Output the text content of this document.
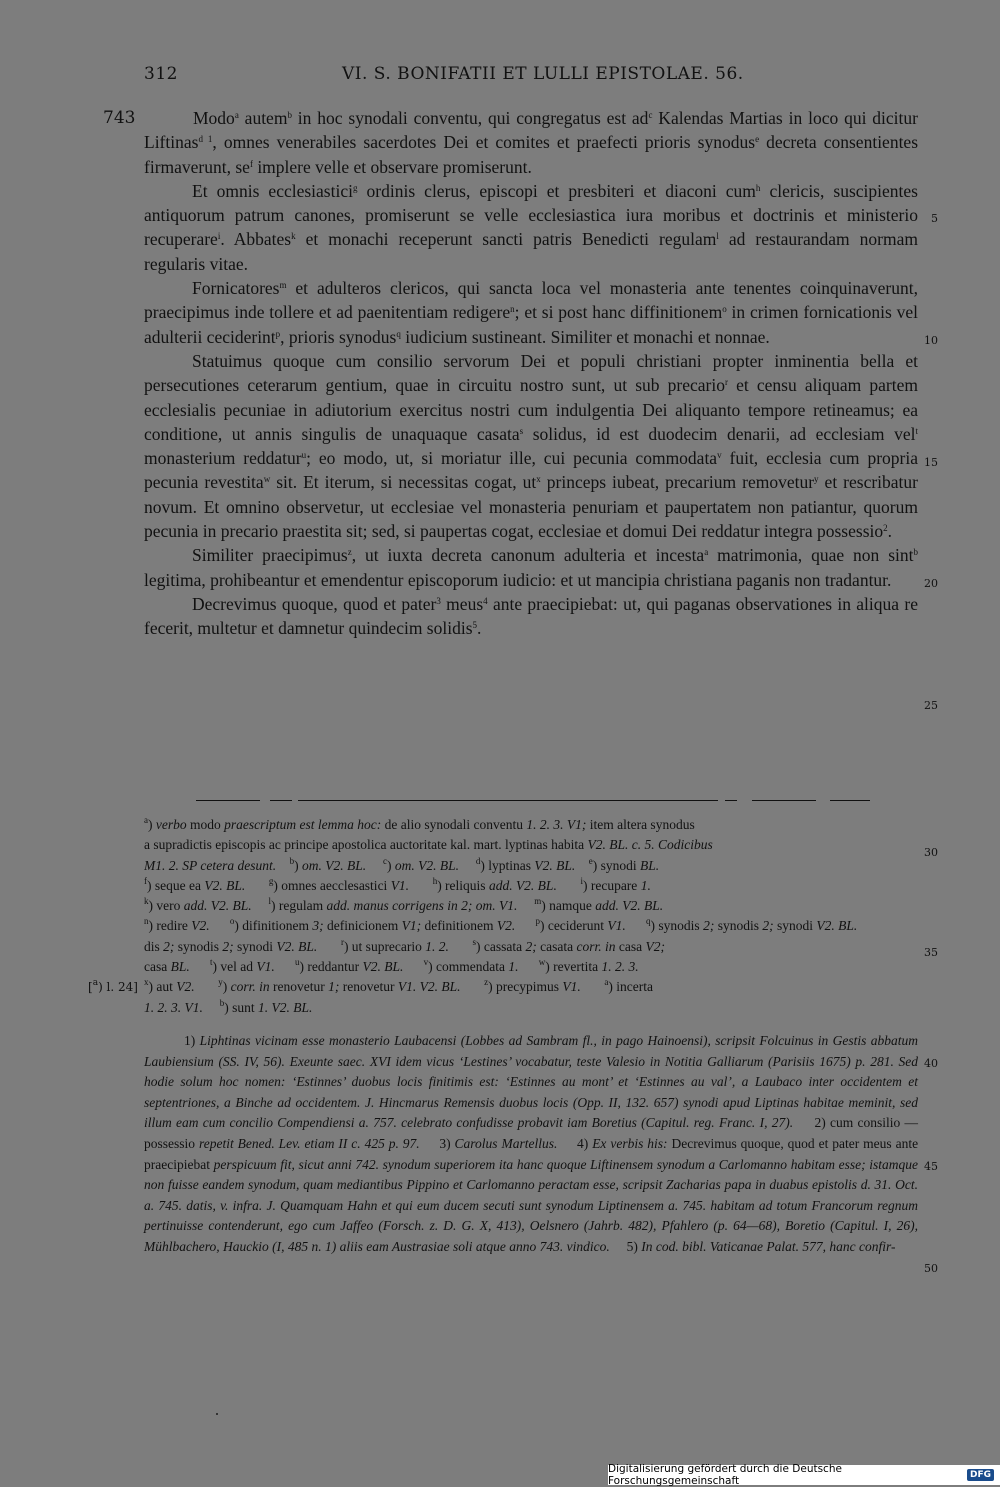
312	VI. S. BONIFATII ET LULLI EPISTOLAE. 56.
743	Modo$^a$ autem$^b$ in hoc synodali conventu, qui congregatus est $ad^c$ Kalendas Martias in loco qui dicitur Liftinas$^{d 1}$, omnes venerabiles sacerdotes Dei et comites et praefecti prioris synodus$^e$ decreta consentientes firmaverunt, $se^f$ implere velle et observare promiserunt.

Et omnis ecclesiastici$^g$ ordinis clerus, episcopi et presbiteri et diaconi cum$^h$ clericis, suscipientes antiquorum patrum canones, promiserunt se velle ecclesiastica iura moribus et doctrinis et ministerio recuperare$^i$. Abbates$^k$ et monachi receperunt sancti patris Benedicti regulam$^l$ ad restaurandam normam regularis vitae.

Fornicatores$^m$ et adulteros clericos, qui sancta loca vel monasteria ante tenentes coinquinaverunt, praecipimus inde tollere et ad paenitentiam redigere$^n$; et si post hanc diffinitionem$^o$ in crimen fornicationis vel adulterii ceciderint$^p$, prioris synodus$^q$ iudicium sustineant. Similiter et monachi et nonnae.

Statuimus quoque cum consilio servorum Dei et populi christiani propter inminentia bella et persecutiones ceterarum gentium, quae in circuitu nostro sunt, ut sub precario$^r$ et censu aliquam partem ecclesialis pecuniae in adiutorium exercitus nostri cum indulgentia Dei aliquanto tempore retineamus; ea conditione, ut annis singulis de unaquaque casata$^s$ solidus, id est duodecim denarii, ad ecclesiam vel$^t$ monasterium reddatur$^u$; eo modo, ut, si moriatur ille, cui pecunia commodata$^v$ fuit, ecclesia cum propria pecunia revestita$^w$ sit. Et iterum, si necessitas cogat, $ut^x$ princeps iubeat, precarium removetur$^y$ et rescribatur novum. Et omnino observetur, ut ecclesiae vel monasteria penuriam et paupertatem non patiantur, quorum pecunia in precario praestita sit; sed, si paupertas cogat, ecclesiae et domui Dei reddatur integra possessio$^2$.

Similiter praecipimus$^z$, ut iuxta decreta canonum adulteria et incesta$^a$ matrimonia, quae non sint$^b$ legitima, prohibeantur et emendentur episcoporum iudicio: et ut mancipia christiana paganis non tradantur.

Decrevimus quoque, quod et pater$^3$ meus$^4$ ante praecipiebat: ut, qui paganas observationes in aliqua re fecerit, multetur et damnetur quindecim solidis$^5$.

5
10
15
20
25
30
35
40
45
50
$^a$) verbo modo praescriptum est lemma hoc: de alio synodali conventu 1. 2. 3. V1; item altera synodus
a supradictis episcopis ac principe apostolica auctoritate kal. mart. lyptinas habita V2. BL. c. 5. Codicibus
M1. 2. SP cetera desunt. $^b$) om. V2. BL. $^c$) om. V2. BL. $^d$) lyptinas V2. BL. $^e$) synodi BL.
$^f$) seque ea V2. BL.	$^g$) omnes aecclesastici V1.	$^h$) reliquis add. V2. BL.	$^i$) recupare 1.
$^k$) vero add. V2. BL. $^l$) regulam add. manus corrigens in 2; om. V1. $^m$) namque add. V2. BL.
$^n$) redire V2. $^o$) difinitionem 3; definicionem V1; definitionem V2. $^p$) ceciderunt V1. $^q$) synodis 2; synodis 2; synodi V2. BL.
dis 2; synodis 2; synodi V2. BL.	$^r$) ut suprecario 1. 2.	$^s$) cassata 2; casata corr. in casa V2;
casa BL. $^t$) vel ad V1. $^u$) reddantur V2. BL. $^v$) commendata 1. $^w$) revertita 1. 2. 3.
$^x$) aut V2.	$^y$) corr. in renovetur 1; renovetur V1. V2. BL.	$^z$) precypimus V1.	$^a$) incerta
1. 2. 3. V1. $^b$) sunt 1. V2. BL.
[$^a$) l. 24]

1) Liphtinas vicinam esse monasterio Laubacensi (Lobbes ad Sambram fl., in pago Hainoensi), scripsit Folcuinus in Gestis abbatum Laubiensium (SS. IV, 56). Exeunte saec. XVI idem vicus ‘Lestines’ vocabatur, teste Valesio in Notitia Galliarum (Parisiis 1675) p. 281. Sed hodie solum hoc nomen: ‘Estinnes’ duobus locis finitimis est: ‘Estinnes au mont’ et ‘Estinnes au val’, a Laubaco inter occidentem et septentriones, a Binche ad occidentem. J. Hincmarus Remensis duobus locis (Opp. II, 132. 657) synodi apud Liptinas habitae meminit, sed illum eam cum concilio Compendiensi a. 757. celebrato confudisse probavit iam Boretius (Capitul. reg. Franc. I, 27).     2) cum consilio — possessio repetit Bened. Lev. etiam II c. 425 p. 97.     3) Carolus Martellus.     4) Ex verbis his: Decrevimus quoque, quod et pater meus ante praecipiebat perspicuum fit, sicut anni 742. synodum superiorem ita hanc quoque Liftinensem synodum a Carlomanno habitam esse; istamque non fuisse eandem synodum, quam mediantibus Pippino et Carlomanno peractam esse, scripsit Zacharias papa in duabus epistolis d. 31. Oct. a. 745. datis, v. infra. J. Quamquam Hahn et qui eum ducem secuti sunt synodum Liptinensem a. 745. habitam ad totum Francorum regnum pertinuisse contenderunt, ego cum Jaffeo (Forsch. z. D. G. X, 413), Oelsnero (Jahrb. 482), Pfahlero (p. 64—68), Boretio (Capitul. I, 26), Mühlbachero, Hauckio (I, 485 n. 1) aliis eam Austrasiae soli atque anno 743. vindico.     5) In cod. bibl. Vaticanae Palat. 577, hanc confir-

Digitalisierung gefördert durch die Deutsche Forschungsgemeinschaft	DFG
